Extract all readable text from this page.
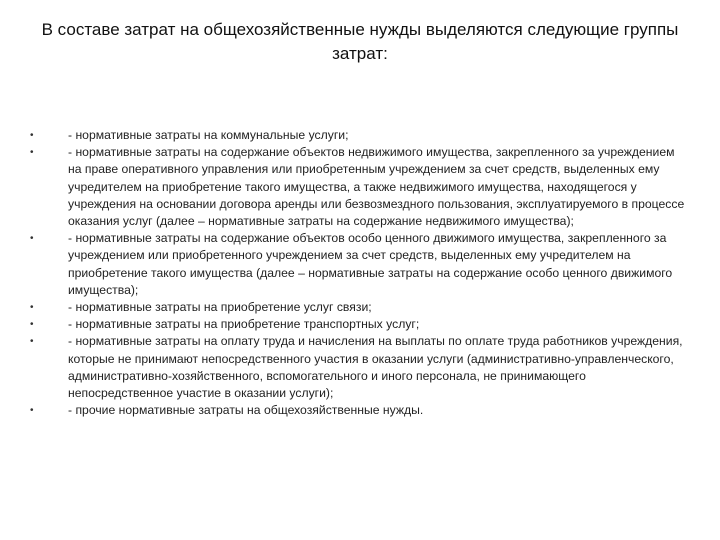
В составе затрат на общехозяйственные нужды выделяются следующие группы затрат:
•	- нормативные затраты на коммунальные услуги;
•	- нормативные затраты на содержание объектов недвижимого имущества, закрепленного за учреждением на праве оперативного управления или приобретенным учреждением за счет средств, выделенных ему учредителем на приобретение такого имущества, а также недвижимого имущества, находящегося у учреждения на основании договора аренды или безвозмездного пользования, эксплуатируемого в процессе оказания услуг (далее – нормативные затраты на содержание недвижимого имущества);
•	- нормативные затраты на содержание объектов особо ценного движимого имущества, закрепленного за учреждением или приобретенного учреждением за счет средств, выделенных ему учредителем на приобретение такого имущества (далее – нормативные затраты на содержание особо ценного движимого имущества);
•	- нормативные затраты на приобретение услуг связи;
•	- нормативные затраты на приобретение транспортных услуг;
•	- нормативные затраты на оплату труда и начисления на выплаты по оплате труда работников учреждения, которые не принимают непосредственного участия в оказании услуги (административно-управленческого, административно-хозяйственного, вспомогательного и иного персонала, не принимающего непосредственное участие в оказании услуги);
•	- прочие нормативные затраты на общехозяйственные нужды.
